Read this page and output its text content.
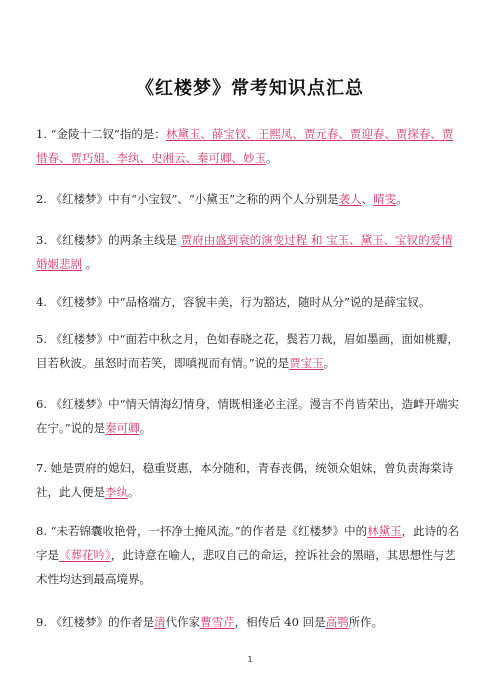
《红楼梦》常考知识点汇总
1. “金陵十二钗”指的是：林黛玉、薛宝钗、王熙凤、贾元春、贾迎春、贾探春、贾惜春、贾巧姐、李纨、史湘云、秦可卿、妙玉。
2. 《红楼梦》中有“小宝钗”、“小黛玉”之称的两个人分别是袭人、晴雯。
3. 《红楼梦》的两条主线是 贾府由盛到衰的演变过程 和 宝玉、黛玉、宝钗的爱情婚姻悲剧 。
4. 《红楼梦》中“品格端方，容貌丰美，行为豁达，随时从分”说的是薛宝钗。
5. 《红楼梦》中“面若中秋之月，色如春晓之花，鬓若刀裁，眉如墨画，面如桃瓣，目若秋波。虽怒时而若笑，即嗔视而有情。”说的是贾宝玉。
6. 《红楼梦》中“情天情海幻情身，情既相逢必主淫。漫言不肖皆荣出，造衅开端实在宁。”说的是秦可卿。
7. 她是贾府的媳妇，稳重贤惠，本分随和，青春丧偶，统领众姐妹，曾负责海棠诗社，此人便是李纨。
8. “未若锦囊收艳骨，一抔净土掩风流。”的作者是《红楼梦》中的林黛玉，此诗的名字是《葬花吟》，此诗意在喻人，悲叹自己的命运，控诉社会的黑暗，其思想性与艺术性均达到最高境界。
9. 《红楼梦》的作者是清代作家曹雪芹，相传后 40 回是高鹗所作。
1
